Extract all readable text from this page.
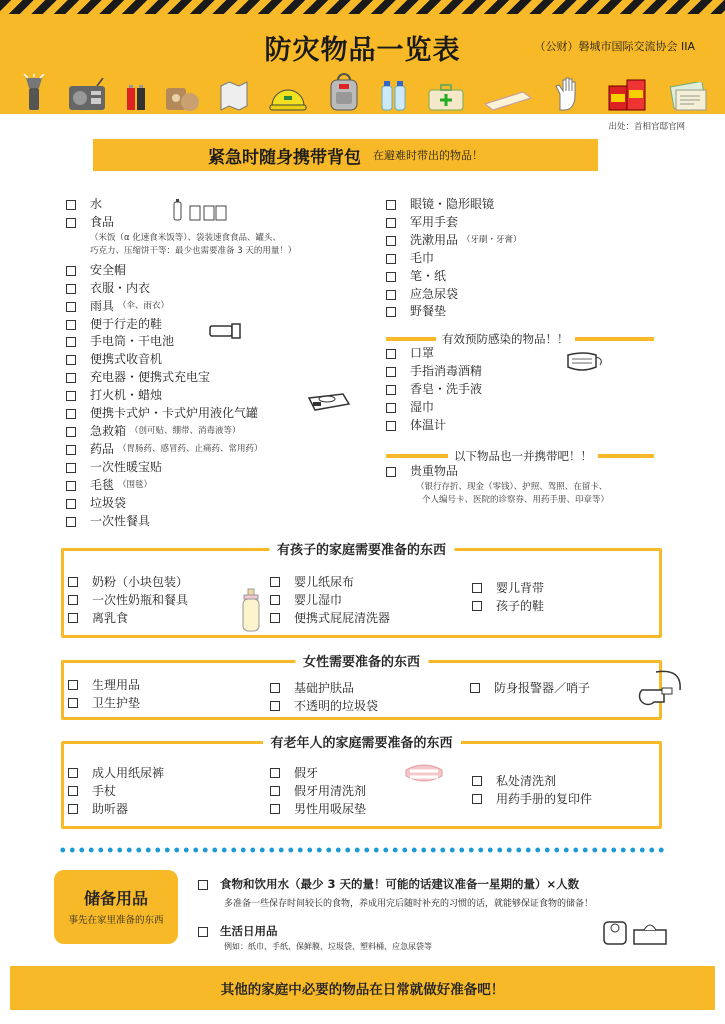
防灾物品一览表	（公财）磐城市国际交流协会 IIA
出处：首相官邸官网
紧急时随身携带背包 在避难时带出的物品！
水
食品
（米饭（α 化速食米饭等）、袋装速食食品、罐头、
巧克力、压缩饼干等：最少也需要准备 3 天的用量！）
安全帽
衣服・内衣
雨具 （伞、雨衣）
便于行走的鞋
手电筒・干电池
便携式收音机
充电器・便携式充电宝
打火机・蜡烛
便携卡式炉・卡式炉用液化气罐
急救箱 （创可贴、绷带、消毒液等）
药品 （胃肠药、感冒药、止痛药、常用药）
一次性暖宝贴
毛毯 （围毯）
垃圾袋
一次性餐具
眼镜・隐形眼镜
军用手套
洗漱用品 （牙刷・牙膏）
毛巾
笔・纸
应急尿袋
野餐垫
有效预防感染的物品！！
口罩
手指消毒酒精
香皂・洗手液
湿巾
体温计
以下物品也一并携带吧！！
贵重物品
（银行存折、现金（零钱）、护照、驾照、在留卡、
个人编号卡、医院的诊察券、用药手册、印章等）
有孩子的家庭需要准备的东西
奶粉（小块包装）
一次性奶瓶和餐具
离乳食
婴儿纸尿布
婴儿湿巾
便携式屁屁清洗器
婴儿背带
孩子的鞋
女性需要准备的东西
生理用品
卫生护垫
基础护肤品
不透明的垃圾袋
防身报警器／哨子
有老年人的家庭需要准备的东西
成人用纸尿裤
手杖
助听器
假牙
假牙用清洗剂
男性用吸尿垫
私处清洗剂
用药手册的复印件
储备用品
事先在家里准备的东西
食物和饮用水（最少 3 天的量！可能的话建议准备一星期的量）×人数
多准备一些保存时间较长的食物，养成用完后随时补充的习惯的话，就能够保证食物的储备！
生活日用品
例如：纸巾、手纸、保鲜膜、垃圾袋、塑料桶、应急尿袋等
其他的家庭中必要的物品在日常就做好准备吧！
